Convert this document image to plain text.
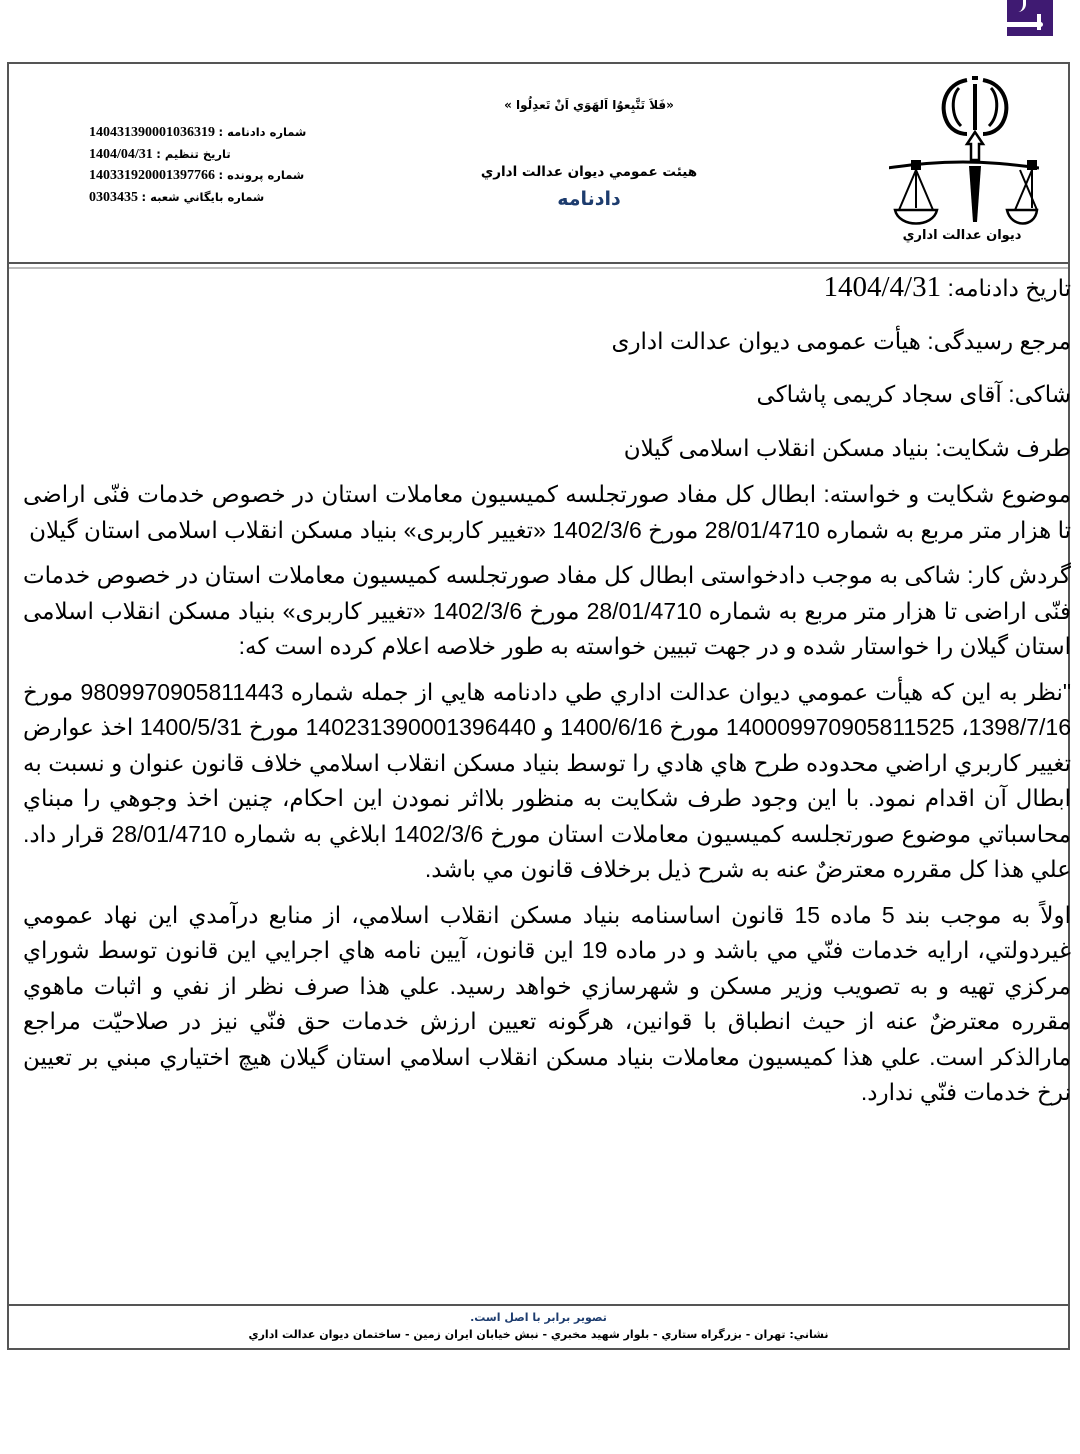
شماره دادنامه : 140431390001036319
تاريخ تنظيم : 1404/04/31
شماره پرونده : 140331920001397766
شماره بايگاني شعبه : 0303435
«فَلاَ تَتَّبِعوُا اَلهَوَي اَنْ تَعدِلُوا »
هيئت عمومي ديوان عدالت اداري
دادنامه
ديوان عدالت اداري
تاریخ دادنامه: 1404/4/31
مرجع رسیدگی: هیأت عمومی دیوان عدالت اداری
شاکی: آقای سجاد کریمی پاشاکی
طرف شکایت: بنیاد مسکن انقلاب اسلامی گیلان

موضوع شکایت و خواسته: ابطال کل مفاد صورتجلسه کمیسیون معاملات استان در خصوص خدمات فنّی اراضی تا هزار متر مربع به شماره 28/01/4710 مورخ 1402/3/6 «تغییر کاربری» بنیاد مسکن انقلاب اسلامی استان گیلان

گردش کار: شاکی به موجب دادخواستی ابطال کل مفاد صورتجلسه کمیسیون معاملات استان در خصوص خدمات فنّی اراضی تا هزار متر مربع به شماره 28/01/4710 مورخ 1402/3/6 «تغییر کاربری» بنیاد مسکن انقلاب اسلامی استان گیلان را خواستار شده و در جهت تبیین خواسته به طور خلاصه اعلام کرده است که:

"نظر به اين كه هيأت عمومي ديوان عدالت اداري طي دادنامه هايي از جمله شماره 9809970905811443 مورخ 1398/7/16، 140009970905811525 مورخ 1400/6/16 و 140231390001396440 مورخ 1400/5/31 اخذ عوارض تغيير كاربري اراضي محدوده طرح هاي هادي را توسط بنياد مسكن انقلاب اسلامي خلاف قانون عنوان و نسبت به ابطال آن اقدام نمود. با اين وجود طرف شكايت به منظور بلااثر نمودن اين احكام، چنين اخذ وجوهي را مبناي محاسباتي موضوع صورتجلسه كميسيون معاملات استان مورخ 1402/3/6 ابلاغي به شماره 28/01/4710 قرار داد. علي هذا كل مقرره معترضٌ عنه به شرح ذيل برخلاف قانون مي باشد.

اولاً به موجب بند 5 ماده 15 قانون اساسنامه بنياد مسكن انقلاب اسلامي، از منابع درآمدي اين نهاد عمومي غيردولتي، ارايه خدمات فنّي مي باشد و در ماده 19 اين قانون، آيين نامه هاي اجرايي اين قانون توسط شوراي مركزي تهيه و به تصويب وزير مسكن و شهرسازي خواهد رسيد. علي هذا صرف نظر از نفي و اثبات ماهوي مقرره معترضٌ عنه از حيث انطباق با قوانين، هرگونه تعيين ارزش خدمات حق فنّي نيز در صلاحيّت مراجع مارالذكر است. علي هذا كميسيون معاملات بنياد مسكن انقلاب اسلامي استان گيلان هيچ اختياري مبني بر تعيين نرخ خدمات فنّي ندارد.

تصوير برابر با اصل است.
نشاني: تهران - بزرگراه ستاري - بلوار شهيد مخبري - نبش خيابان ايران زمين - ساختمان ديوان عدالت اداري
